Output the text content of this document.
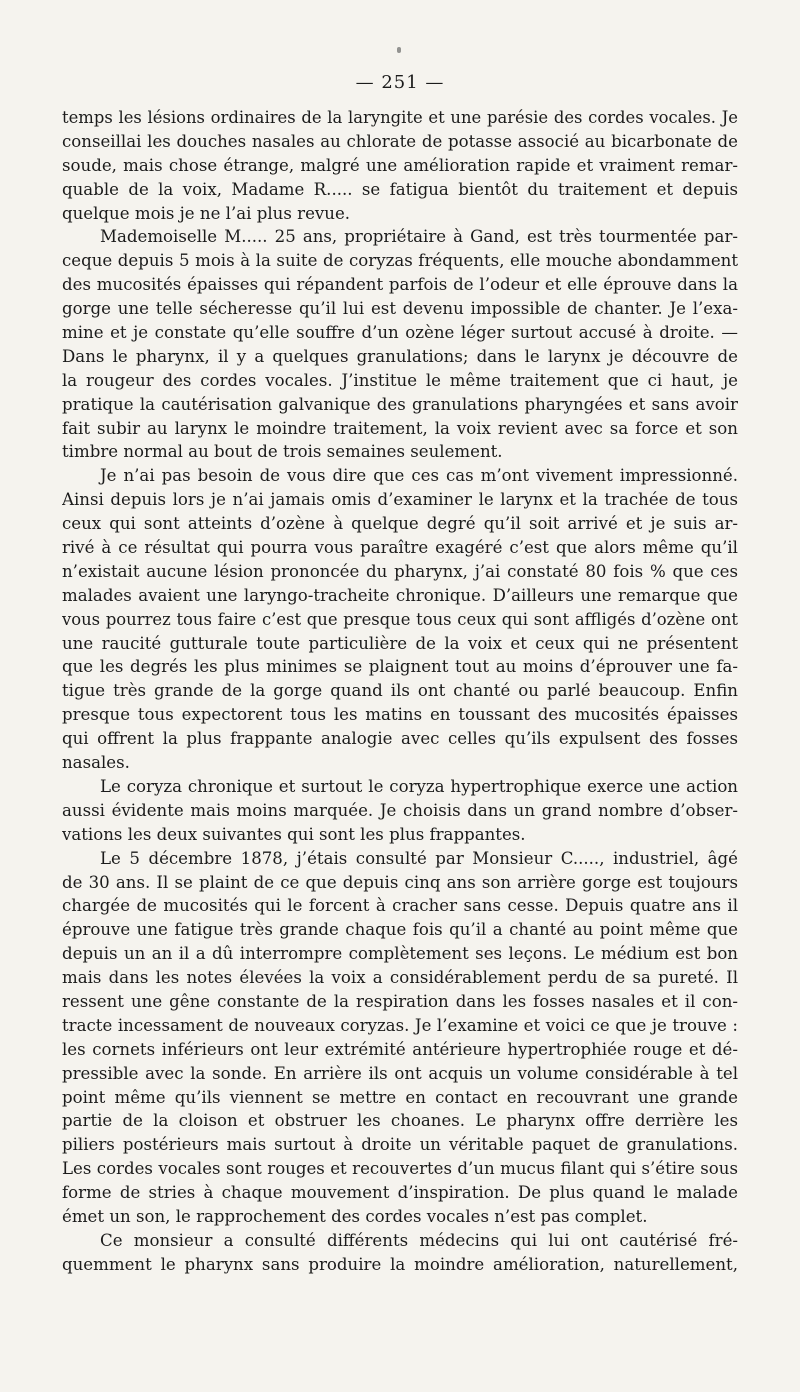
— 251 —
temps les lésions ordinaires de la laryngite et une parésie des cordes vocales. Je
conseillai les douches nasales au chlorate de potasse associé au bicarbonate de
soude, mais chose étrange, malgré une amélioration rapide et vraiment remar-
quable de la voix, Madame R..... se fatigua bientôt du traitement et depuis
quelque mois je ne l’ai plus revue.
Mademoiselle M..... 25 ans, propriétaire à Gand, est très tourmentée par-
ceque depuis 5 mois à la suite de coryzas fréquents, elle mouche abondamment
des mucosités épaisses qui répandent parfois de l’odeur et elle éprouve dans la
gorge une telle sécheresse qu’il lui est devenu impossible de chanter. Je l’exa-
mine et je constate qu’elle souffre d’un ozène léger surtout accusé à droite. —
Dans le pharynx, il y a quelques granulations; dans le larynx je découvre de
la rougeur des cordes vocales. J’institue le même traitement que ci haut, je
pratique la cautérisation galvanique des granulations pharyngées et sans avoir
fait subir au larynx le moindre traitement, la voix revient avec sa force et son
timbre normal au bout de trois semaines seulement.
Je n’ai pas besoin de vous dire que ces cas m’ont vivement impressionné.
Ainsi depuis lors je n’ai jamais omis d’examiner le larynx et la trachée de tous
ceux qui sont atteints d’ozène à quelque degré qu’il soit arrivé et je suis ar-
rivé à ce résultat qui pourra vous paraître exagéré c’est que alors même qu’il
n’existait aucune lésion prononcée du pharynx, j’ai constaté 80 fois % que ces
malades avaient une laryngo-tracheite chronique. D’ailleurs une remarque que
vous pourrez tous faire c’est que presque tous ceux qui sont affligés d’ozène ont
une raucité gutturale toute particulière de la voix et ceux qui ne présentent
que les degrés les plus minimes se plaignent tout au moins d’éprouver une fa-
tigue très grande de la gorge quand ils ont chanté ou parlé beaucoup. Enfin
presque tous expectorent tous les matins en toussant des mucosités épaisses
qui offrent la plus frappante analogie avec celles qu’ils expulsent des fosses
nasales.
Le coryza chronique et surtout le coryza hypertrophique exerce une action
aussi évidente mais moins marquée. Je choisis dans un grand nombre d’obser-
vations les deux suivantes qui sont les plus frappantes.
Le 5 décembre 1878, j’étais consulté par Monsieur C....., industriel, âgé
de 30 ans. Il se plaint de ce que depuis cinq ans son arrière gorge est toujours
chargée de mucosités qui le forcent à cracher sans cesse. Depuis quatre ans il
éprouve une fatigue très grande chaque fois qu’il a chanté au point même que
depuis un an il a dû interrompre complètement ses leçons. Le médium est bon
mais dans les notes élevées la voix a considérablement perdu de sa pureté. Il
ressent une gêne constante de la respiration dans les fosses nasales et il con-
tracte incessament de nouveaux coryzas. Je l’examine et voici ce que je trouve :
les cornets inférieurs ont leur extrémité antérieure hypertrophiée rouge et dé-
pressible avec la sonde. En arrière ils ont acquis un volume considérable à tel
point même qu’ils viennent se mettre en contact en recouvrant une grande
partie de la cloison et obstruer les choanes. Le pharynx offre derrière les
piliers postérieurs mais surtout à droite un véritable paquet de granulations.
Les cordes vocales sont rouges et recouvertes d’un mucus filant qui s’étire sous
forme de stries à chaque mouvement d’inspiration. De plus quand le malade
émet un son, le rapprochement des cordes vocales n’est pas complet.
Ce monsieur a consulté différents médecins qui lui ont cautérisé fré-
quemment le pharynx sans produire la moindre amélioration, naturellement,
